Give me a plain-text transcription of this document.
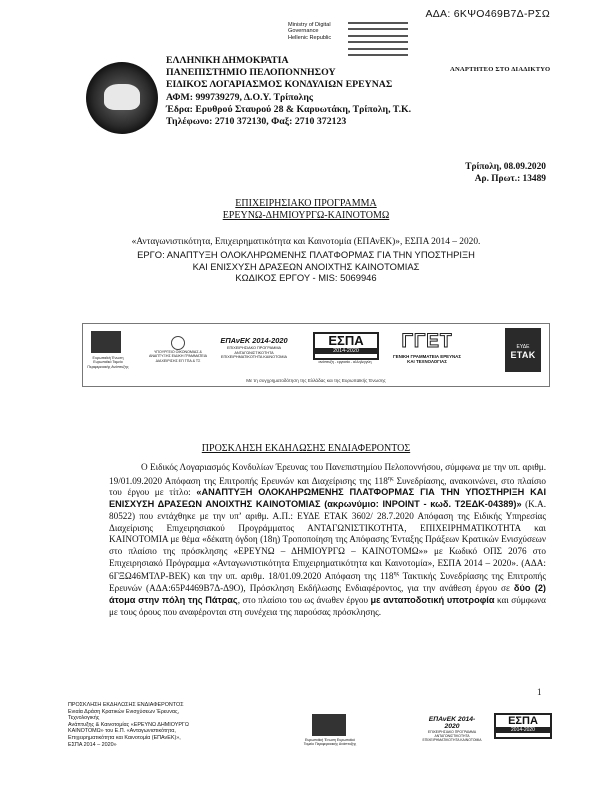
ΑΔΑ: 6ΚΨΟ469Β7Δ-ΡΣΩ
Ministry of Digital
Governance
Hellenic Republic
ΕΛΛΗΝΙΚΗ ΔΗΜΟΚΡΑΤΙΑ
ΠΑΝΕΠΙΣΤΗΜΙΟ ΠΕΛΟΠΟΝΝΗΣΟΥ
ΕΙΔΙΚΟΣ ΛΟΓΑΡΙΑΣΜΟΣ ΚΟΝΔΥΛΙΩΝ ΕΡΕΥΝΑΣ
ΑΦΜ: 999739279, Δ.Ο.Υ. Τρίπολης
Έδρα: Ερυθρού Σταυρού 28 & Καρυωτάκη, Τρίπολη, Τ.Κ.
Τηλέφωνο: 2710 372130, Φαξ: 2710 372123
ΑΝΑΡΤΗΤΕΟ ΣΤΟ ΔΙΑΔΙΚΤΥΟ
Τρίπολη, 08.09.2020
Αρ. Πρωτ.: 13489
ΕΠΙΧΕΙΡΗΣΙΑΚΟ ΠΡΟΓΡΑΜΜΑ
ΕΡΕΥΝΩ-ΔΗΜΙΟΥΡΓΩ-ΚΑΙΝΟΤΟΜΩ
«Ανταγωνιστικότητα, Επιχειρηματικότητα και Καινοτομία (ΕΠΑνΕΚ)», ΕΣΠΑ 2014 – 2020.
ΕΡΓΟ: ΑΝΑΠΤΥΞΗ ΟΛΟΚΛΗΡΩΜΕΝΗΣ ΠΛΑΤΦΟΡΜΑΣ ΓΙΑ ΤΗΝ ΥΠΟΣΤΗΡΙΞΗ
ΚΑΙ ΕΝΙΣΧΥΣΗ ΔΡΑΣΕΩΝ ΑΝΟΙΧΤΗΣ ΚΑΙΝΟΤΟΜΙΑΣ
ΚΩΔΙΚΟΣ ΕΡΓΟΥ - MIS: 5069946
Ευρωπαϊκή Ένωση Ευρωπαϊκό Ταμείο Περιφερειακής Ανάπτυξης
ΥΠΟΥΡΓΕΙΟ ΟΙΚΟΝΟΜΙΑΣ & ΑΝΑΠΤΥΞΗΣ ΕΙΔΙΚΗ ΓΡΑΜΜΑΤΕΙΑ ΔΙΑΧΕΙΡΙΣΗΣ ΕΠ ΤΠΑ & ΤΣ
ΕΠΑνΕΚ 2014-2020
ΕΠΙΧΕΙΡΗΣΙΑΚΟ ΠΡΟΓΡΑΜΜΑ ΑΝΤΑΓΩΝΙΣΤΙΚΟΤΗΤΑ ΕΠΙΧΕΙΡΗΜΑΤΙΚΟΤΗΤΑ ΚΑΙΝΟΤΟΜΙΑ
ΕΣΠΑ
2014-2020
ανάπτυξη - εργασία - αλληλεγγύη
ΓΓΕΤ
ΓΕΝΙΚΗ ΓΡΑΜΜΑΤΕΙΑ ΕΡΕΥΝΑΣ ΚΑΙ ΤΕΧΝΟΛΟΓΙΑΣ
ΕΥΔΕ
ΕΤΑΚ
Με τη συγχρηματοδότηση της Ελλάδας και της Ευρωπαϊκής Ένωσης
ΠΡΟΣΚΛΗΣΗ ΕΚΔΗΛΩΣΗΣ ΕΝΔΙΑΦΕΡΟΝΤΟΣ
Ο Ειδικός Λογαριασμός Κονδυλίων Έρευνας του Πανεπιστημίου Πελοποννήσου, σύμφωνα με την υπ. αριθμ. 19/01.09.2020 Απόφαση της Επιτροπής Ερευνών και Διαχείρισης της $118^{\eta\varsigma}$ Συνεδρίασης, ανακοινώνει, στο πλαίσιο του έργου με τίτλο: «ΑΝΑΠΤΥΞΗ ΟΛΟΚΛΗΡΩΜΕΝΗΣ ΠΛΑΤΦΟΡΜΑΣ ΓΙΑ ΤΗΝ ΥΠΟΣΤΗΡΙΞΗ ΚΑΙ ΕΝΙΣΧΥΣΗ ΔΡΑΣΕΩΝ ΑΝΟΙΧΤΗΣ ΚΑΙΝΟΤΟΜΙΑΣ (ακρωνύμιο: INPOINT - κωδ. Τ2ΕΔΚ-04389)» (Κ.Α. 80522) που εντάχθηκε με την υπ’ αριθμ. Α.Π.: ΕΥΔΕ ΕΤΑΚ 3602/ 28.7.2020 Απόφαση της Ειδικής Υπηρεσίας Διαχείρισης Επιχειρησιακού Προγράμματος ΑΝΤΑΓΩΝΙΣΤΙΚΟΤΗΤΑ, ΕΠΙΧΕΙΡΗΜΑΤΙΚΟΤΗΤΑ και ΚΑΙΝΟΤΟΜΙΑ με θέμα «δέκατη όγδοη (18η) Τροποποίηση της Απόφασης Ένταξης Πράξεων Κρατικών Ενισχύσεων στο πλαίσιο της πρόσκλησης «ΕΡΕΥΝΩ – ΔΗΜΙΟΥΡΓΩ – ΚΑΙΝΟΤΟΜΩ»» με Κωδικό ΟΠΣ 2076 στο Επιχειρησιακό Πρόγραμμα «Ανταγωνιστικότητα Επιχειρηματικότητα και Καινοτομία», ΕΣΠΑ 2014 – 2020». (ΑΔΑ: 6ΓΞΩ46ΜΤΛΡ-ΒΕΚ) και την υπ. αριθμ. 18/01.09.2020 Απόφαση της $118^{\eta\varsigma}$ Τακτικής Συνεδρίασης της Επιτροπής Ερευνών (ΑΔΑ:65Ρ4469Β7Δ-Δ9Ο), Πρόσκληση Εκδήλωσης Ενδιαφέροντος, για την ανάθεση έργου σε δύο (2) άτομα στην πόλη της Πάτρας, στο πλαίσιο του ως άνωθεν έργου με ανταποδοτική υποτροφία και σύμφωνα με τους όρους που αναφέρονται στη συνέχεια της παρούσας πρόσκλησης.
1
ΠΡΟΣΚΛΗΣΗ ΕΚΔΗΛΩΣΗΣ ΕΝΔΙΑΦΕΡΟΝΤΟΣ
Ενιαία Δράση Κρατικών Ενισχύσεων Έρευνας, Τεχνολογικής
Ανάπτυξης & Καινοτομίας «ΕΡΕΥΝΩ ΔΗΜΙΟΥΡΓΩ
ΚΑΙΝΟΤΟΜΩ» του Ε.Π. «Ανταγωνιστικότητα,
Επιχειρηματικότητα και Καινοτομία (ΕΠΑνΕΚ)»,
ΕΣΠΑ 2014 – 2020»
Ευρωπαϊκή Ένωση Ευρωπαϊκό Ταμείο Περιφερειακής Ανάπτυξης
ΕΠΑνΕΚ 2014-2020
ΕΠΙΧΕΙΡΗΣΙΑΚΟ ΠΡΟΓΡΑΜΜΑ ΑΝΤΑΓΩΝΙΣΤΙΚΟΤΗΤΑ ΕΠΙΧΕΙΡΗΜΑΤΙΚΟΤΗΤΑ ΚΑΙΝΟΤΟΜΙΑ
ΕΣΠΑ
2014-2020
